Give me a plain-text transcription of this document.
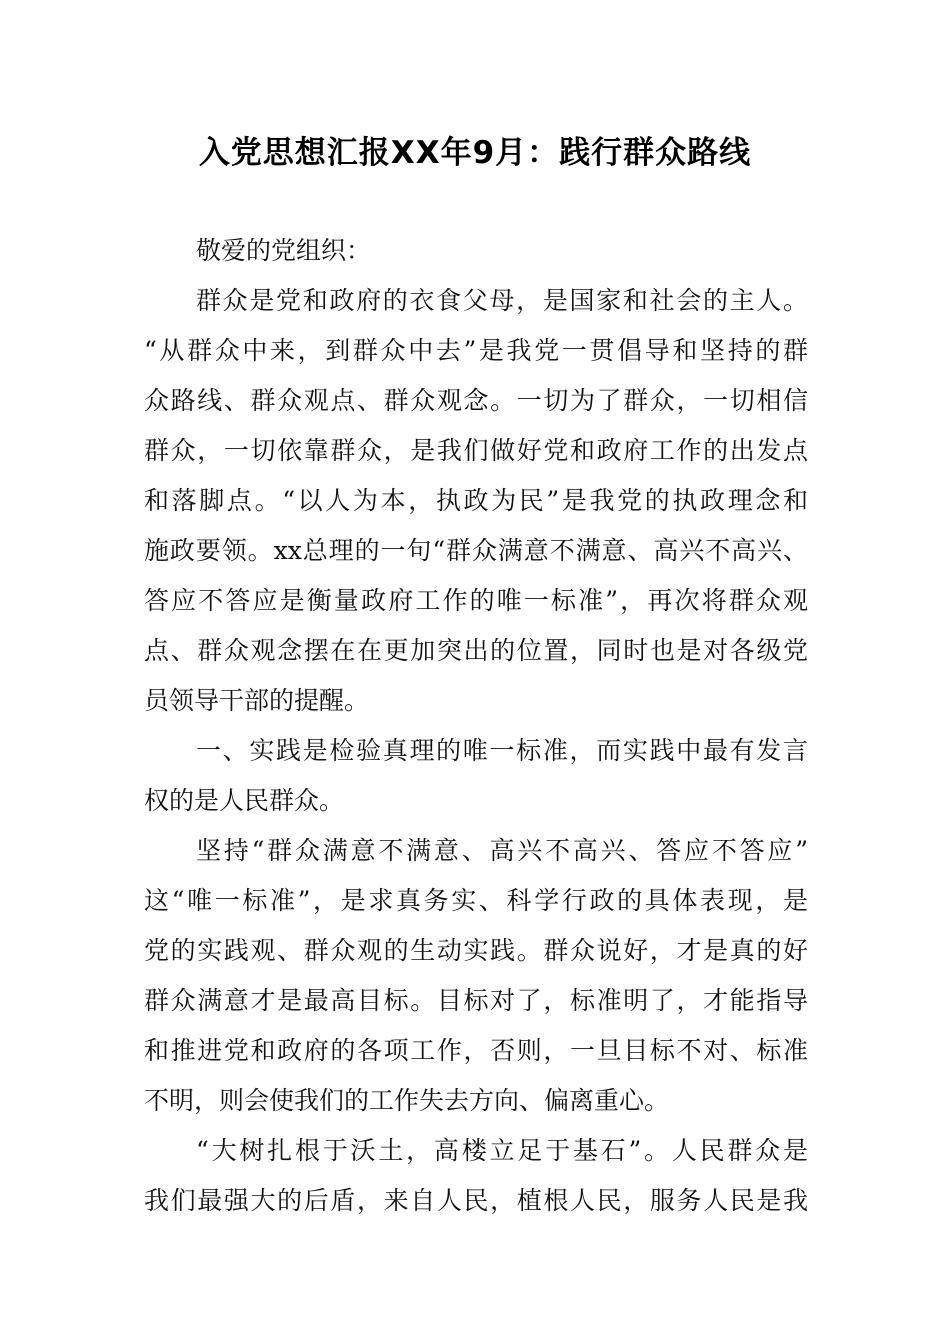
入党思想汇报XX年9月：践行群众路线
敬爱的党组织：
群众是党和政府的衣食父母，是国家和社会的主人。
“从群众中来，到群众中去”是我党一贯倡导和坚持的群
众路线、群众观点、群众观念。一切为了群众，一切相信
群众，一切依靠群众，是我们做好党和政府工作的出发点
和落脚点。“以人为本，执政为民”是我党的执政理念和
施政要领。xx总理的一句“群众满意不满意、高兴不高兴、
答应不答应是衡量政府工作的唯一标准”，再次将群众观
点、群众观念摆在在更加突出的位置，同时也是对各级党
员领导干部的提醒。
一、实践是检验真理的唯一标准，而实践中最有发言
权的是人民群众。
坚持“群众满意不满意、高兴不高兴、答应不答应”
这“唯一标准”，是求真务实、科学行政的具体表现，是
党的实践观、群众观的生动实践。群众说好，才是真的好
群众满意才是最高目标。目标对了，标准明了，才能指导
和推进党和政府的各项工作，否则，一旦目标不对、标准
不明，则会使我们的工作失去方向、偏离重心。
“大树扎根于沃土，高楼立足于基石”。人民群众是
我们最强大的后盾，来自人民，植根人民，服务人民是我
